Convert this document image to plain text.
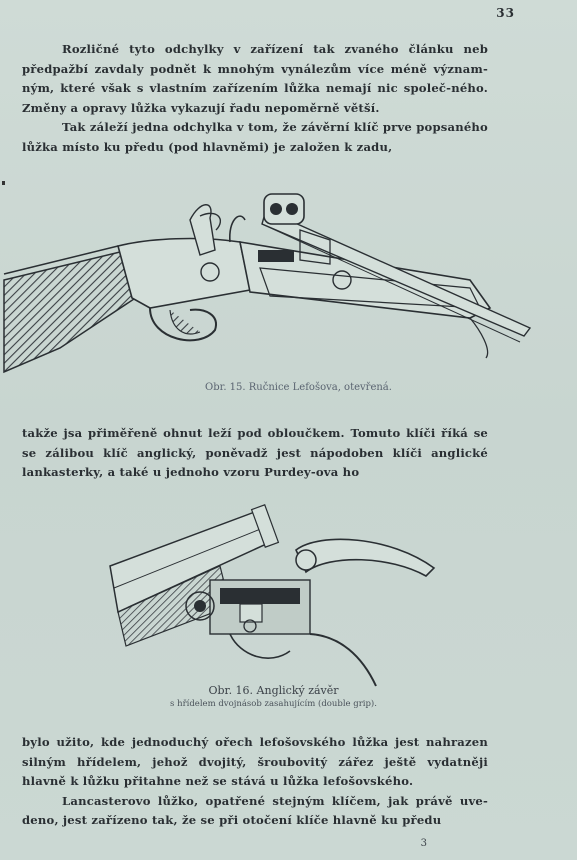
33

Rozličné tyto odchylky v zařízení tak zvaného článku neb předpažbí zavdaly podnět k mnohým vynálezům více méně význam-ným, které však s vlastním zařízením lůžka nemají nic společ-ného. Změny a opravy lůžka vykazují řadu nepoměrně větší.

Tak záleží jedna odchylka v tom, že závěrní klíč prve popsaného lůžka místo ku předu (pod hlavněmi) je založen k zadu,

Obr. 15. Ručnice Lefošova, otevřená.

takže jsa přiměřeně ohnut leží pod obloučkem. Tomuto klíči říká se se zálibou klíč anglický, poněvadž jest nápodoben klíči anglické lankasterky, a také u jednoho vzoru Purdey-ova ho

Obr. 16. Anglický závěr
s hřídelem dvojnásob zasahujícím (double grip).

bylo užito, kde jednoduchý ořech lefošovského lůžka jest nahrazen silným hřídelem, jehož dvojitý, šroubovitý zářez ještě vydatněji hlavně k lůžku přitahne než se stává u lůžka lefošovského.

Lancasterovo lůžko, opatřené stejným klíčem, jak právě uve-deno, jest zařízeno tak, že se při otočení klíče hlavně ku předu

3
